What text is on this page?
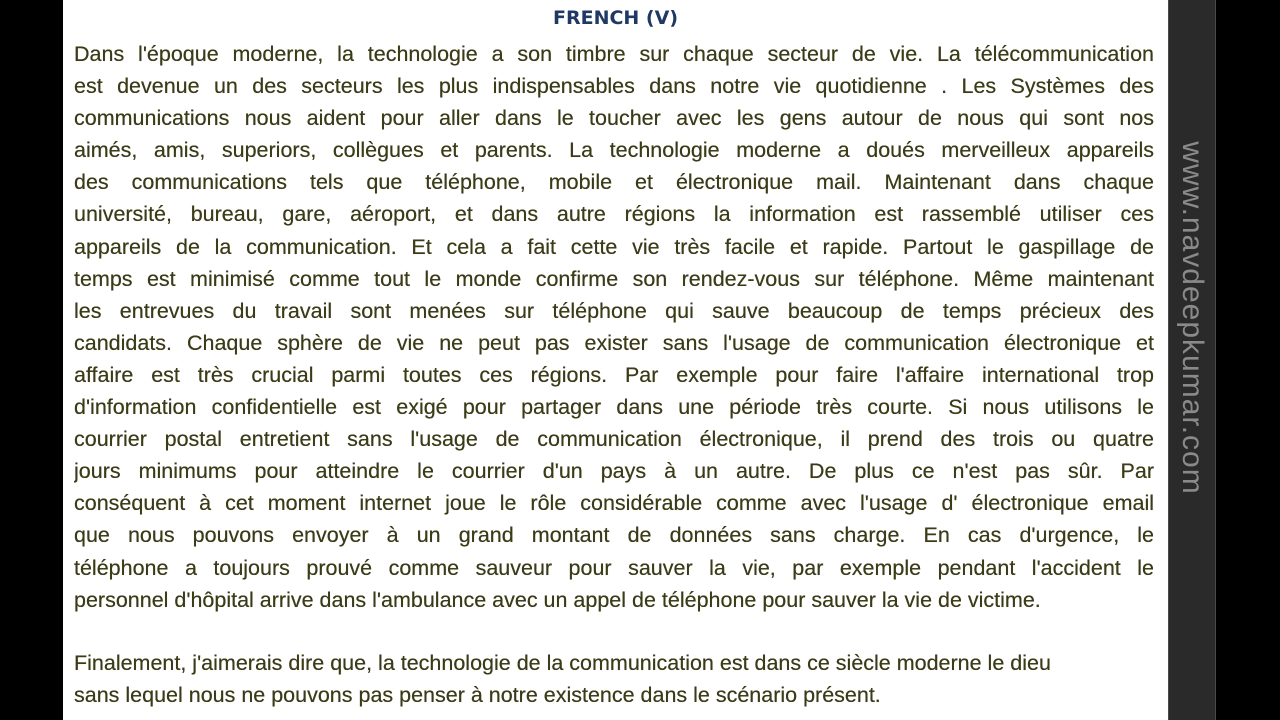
FRENCH (V)
Dans l'époque moderne, la technologie a son timbre sur chaque secteur de vie. La télécommunication
est devenue un des secteurs les plus indispensables dans notre vie quotidienne . Les Systèmes des
communications nous aident pour aller dans le toucher avec les gens autour de nous qui sont nos
aimés, amis, superiors, collègues et parents. La technologie moderne a doués merveilleux appareils
des communications tels que téléphone, mobile et électronique mail. Maintenant dans chaque
université, bureau, gare, aéroport, et dans autre régions la information est rassemblé utiliser ces
appareils de la communication. Et cela a fait cette vie très facile et rapide. Partout le gaspillage de
temps est minimisé comme tout le monde confirme son rendez-vous sur téléphone. Même maintenant
les entrevues du travail sont menées sur téléphone qui sauve beaucoup de temps précieux des
candidats. Chaque sphère de vie ne peut pas exister sans l'usage de communication électronique et
affaire est très crucial parmi toutes ces régions. Par exemple pour faire l'affaire international trop
d'information confidentielle est exigé pour partager dans une période très courte. Si nous utilisons le
courrier postal entretient sans l'usage de communication électronique, il prend des trois ou quatre
jours minimums pour atteindre le courrier d'un pays à un autre. De plus ce n'est pas sûr. Par
conséquent à cet moment internet joue le rôle considérable comme avec l'usage d' électronique email
que nous pouvons envoyer à un grand montant de données sans charge. En cas d'urgence, le
téléphone a toujours prouvé comme sauveur pour sauver la vie, par exemple pendant l'accident le
personnel d'hôpital arrive dans l'ambulance avec un appel de téléphone pour sauver la vie de victime.
Finalement, j'aimerais dire que, la technologie de la communication est dans ce siècle moderne le dieu
sans lequel nous ne pouvons pas penser à notre existence dans le scénario présent.
www.navdeepkumar.com
